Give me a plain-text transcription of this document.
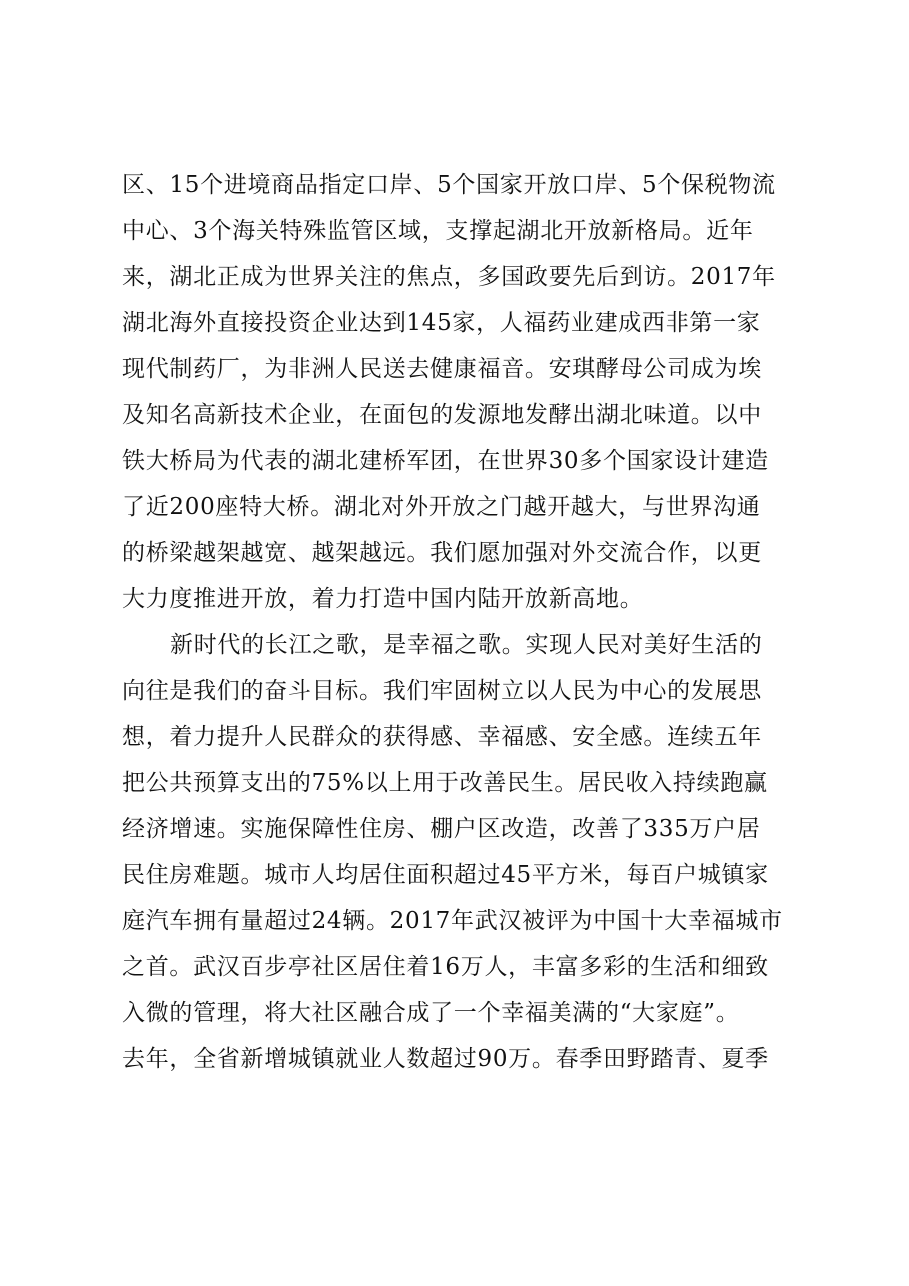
区、15个进境商品指定口岸、5个国家开放口岸、5个保税物流
中心、3个海关特殊监管区域，支撑起湖北开放新格局。近年
来，湖北正成为世界关注的焦点，多国政要先后到访。2017年
湖北海外直接投资企业达到145家，人福药业建成西非第一家
现代制药厂，为非洲人民送去健康福音。安琪酵母公司成为埃
及知名高新技术企业，在面包的发源地发酵出湖北味道。以中
铁大桥局为代表的湖北建桥军团，在世界30多个国家设计建造
了近200座特大桥。湖北对外开放之门越开越大，与世界沟通
的桥梁越架越宽、越架越远。我们愿加强对外交流合作，以更
大力度推进开放，着力打造中国内陆开放新高地。
新时代的长江之歌，是幸福之歌。实现人民对美好生活的
向往是我们的奋斗目标。我们牢固树立以人民为中心的发展思
想，着力提升人民群众的获得感、幸福感、安全感。连续五年
把公共预算支出的75%以上用于改善民生。居民收入持续跑赢
经济增速。实施保障性住房、棚户区改造，改善了335万户居
民住房难题。城市人均居住面积超过45平方米，每百户城镇家
庭汽车拥有量超过24辆。2017年武汉被评为中国十大幸福城市
之首。武汉百步亭社区居住着16万人，丰富多彩的生活和细致
入微的管理，将大社区融合成了一个幸福美满的“大家庭”。
去年，全省新增城镇就业人数超过90万。春季田野踏青、夏季
